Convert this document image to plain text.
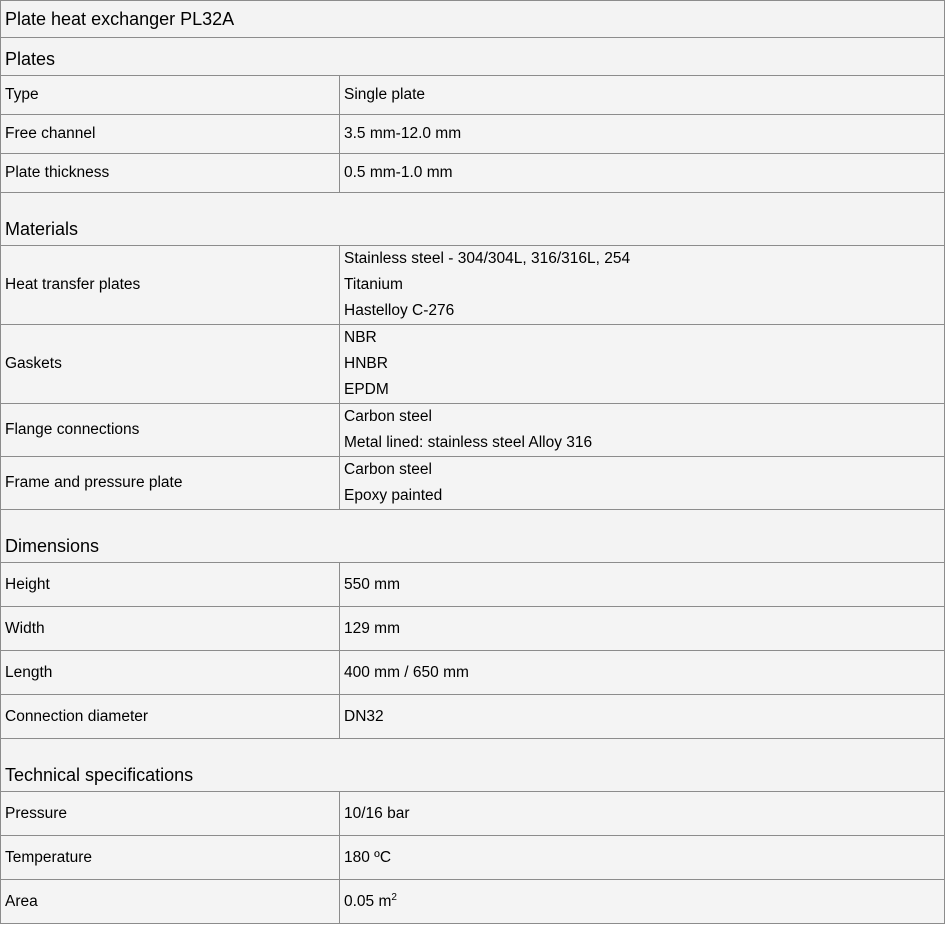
Plate heat exchanger PL32A	
Plates	
Type	Single plate

Free channel	3.5 mm-12.0 mm

Plate thickness	0.5 mm-1.0 mm

Materials	
Heat transfer plates	Stainless steel - 304/304L, 316/316L, 254
Titanium
Hastelloy C-276

Gaskets	NBR
HNBR
EPDM

Flange connections	Carbon steel
Metal lined: stainless steel Alloy 316

Frame and pressure plate	Carbon steel
Epoxy painted

Dimensions	
Height	550 mm

Width	129 mm

Length	400 mm / 650 mm

Connection diameter	DN32

Technical specifications	
Pressure	10/16 bar

Temperature	180 ºC

Area	0.05 $m^2$
